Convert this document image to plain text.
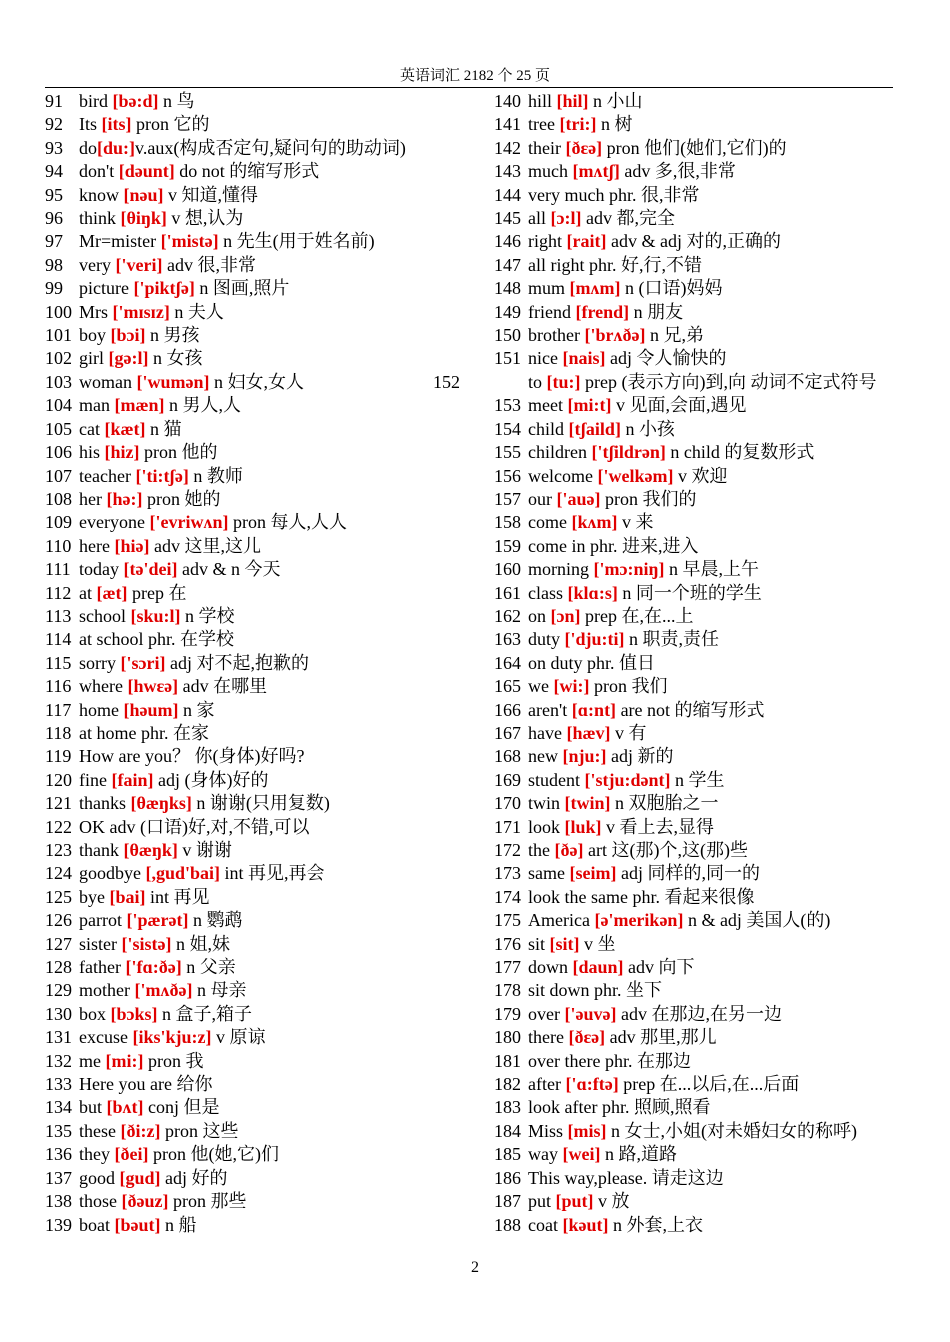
英语词汇 2182 个 25 页
91 bird [bə:d] n 鸟
92 Its [its] pron 它的
93 do[du:]v.aux(构成否定句,疑问句的助动词)
94 don't [dəunt] do not 的缩写形式
95 know [nəu] v 知道,懂得
96 think [θiŋk] v 想,认为
97 Mr=mister ['mistə] n 先生(用于姓名前)
98 very ['veri] adv 很,非常
99 picture ['piktʃə] n 图画,照片
100 Mrs ['mɪsɪz] n 夫人
101 boy [bɔi] n 男孩
102 girl [gə:l] n 女孩
103 woman ['wumən] n 妇女,女人
104 man [mæn] n 男人,人
105 cat [kæt] n 猫
106 his [hiz] pron 他的
107 teacher ['ti:tʃə] n 教师
108 her [hə:] pron 她的
109 everyone ['evriwʌn] pron 每人,人人
110 here [hiə] adv 这里,这儿
111 today [tə'dei] adv & n 今天
112 at [æt] prep 在
113 school [sku:l] n 学校
114 at school phr. 在学校
115 sorry ['sɔri] adj 对不起,抱歉的
116 where [hwɛə] adv 在哪里
117 home [həum] n 家
118 at home phr. 在家
119 How are you？ 你(身体)好吗?
120 fine [fain] adj (身体)好的
121 thanks [θæŋks] n 谢谢(只用复数)
122 OK adv (口语)好,对,不错,可以
123 thank [θæŋk] v 谢谢
124 goodbye [,gud'bai] int 再见,再会
125 bye [bai] int 再见
126 parrot ['pærət] n 鹦鹉
127 sister ['sistə] n 姐,妹
128 father ['fɑ:ðə] n 父亲
129 mother ['mʌðə] n 母亲
130 box [bɔks] n 盒子,箱子
131 excuse [iks'kju:z] v 原谅
132 me [mi:] pron 我
133 Here you are 给你
134 but [bʌt] conj 但是
135 these [ði:z] pron 这些
136 they [ðei] pron 他(她,它)们
137 good [gud] adj 好的
138 those [ðəuz] pron 那些
139 boat [bəut] n 船
140 hill [hil] n 小山
141 tree [tri:] n 树
142 their [ðɛə] pron 他们(她们,它们)的
143 much [mʌtʃ] adv 多,很,非常
144 very much phr. 很,非常
145 all [ɔ:l] adv 都,完全
146 right [rait] adv & adj 对的,正确的
147 all right phr. 好,行,不错
148 mum [mʌm] n (口语)妈妈
149 friend [frend] n 朋友
150 brother ['brʌðə] n 兄,弟
151 nice [nais] adj 令人愉快的
152	to [tu:] prep (表示方向)到,向 动词不定式符号
153 meet [mi:t] v 见面,会面,遇见
154 child [tʃaild] n 小孩
155 children ['tʃildrən] n child 的复数形式
156 welcome ['welkəm] v 欢迎
157 our ['auə] pron 我们的
158 come [kʌm] v 来
159 come in phr. 进来,进入
160 morning ['mɔ:niŋ] n 早晨,上午
161 class [klɑ:s] n 同一个班的学生
162 on [ɔn] prep 在,在...上
163 duty ['dju:ti] n 职责,责任
164 on duty phr. 值日
165 we [wi:] pron 我们
166 aren't [ɑ:nt] are not 的缩写形式
167 have [hæv] v 有
168 new [nju:] adj 新的
169 student ['stju:dənt] n 学生
170 twin [twin] n 双胞胎之一
171 look [luk] v 看上去,显得
172 the [ðə] art 这(那)个,这(那)些
173 same [seim] adj 同样的,同一的
174 look the same phr. 看起来很像
175 America [ə'merikən] n & adj 美国人(的)
176 sit [sit] v 坐
177 down [daun] adv 向下
178 sit down phr. 坐下
179 over ['əuvə] adv 在那边,在另一边
180 there [ðɛə] adv 那里,那儿
181 over there phr. 在那边
182 after ['ɑ:ftə] prep 在...以后,在...后面
183 look after phr. 照顾,照看
184 Miss [mis] n 女士,小姐(对未婚妇女的称呼)
185 way [wei] n 路,道路
186 This way,please. 请走这边
187 put [put] v 放
188 coat [kəut] n 外套,上衣
2
